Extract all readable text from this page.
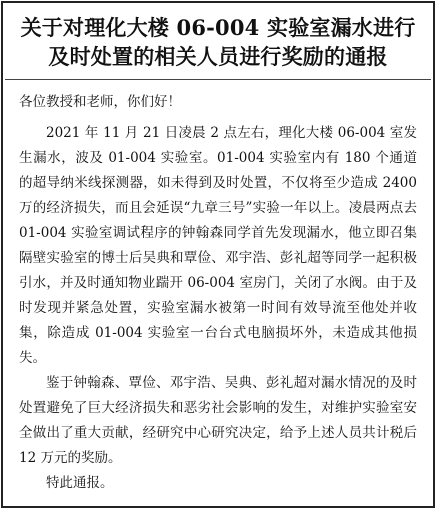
关于对理化大楼 06-004 实验室漏水进行
及时处置的相关人员进行奖励的通报

各位教授和老师，你们好！

2021 年 11 月 21 日凌晨 2 点左右，理化大楼 06-004 室发生漏水，波及 01-004 实验室。01-004 实验室内有 180 个通道的超导纳米线探测器，如未得到及时处置，不仅将至少造成 2400 万的经济损失，而且会延误“九章三号”实验一年以上。凌晨两点去 01-004 实验室调试程序的钟翰森同学首先发现漏水，他立即召集隔壁实验室的博士后吴典和覃俭、邓宇浩、彭礼超等同学一起积极引水，并及时通知物业踹开 06-004 室房门，关闭了水阀。由于及时发现并紧急处置，实验室漏水被第一时间有效导流至他处并收集，除造成 01-004 实验室一台台式电脑损坏外，未造成其他损失。

鉴于钟翰森、覃俭、邓宇浩、吴典、彭礼超对漏水情况的及时处置避免了巨大经济损失和恶劣社会影响的发生，对维护实验室安全做出了重大贡献，经研究中心研究决定，给予上述人员共计税后 12 万元的奖励。

特此通报。
